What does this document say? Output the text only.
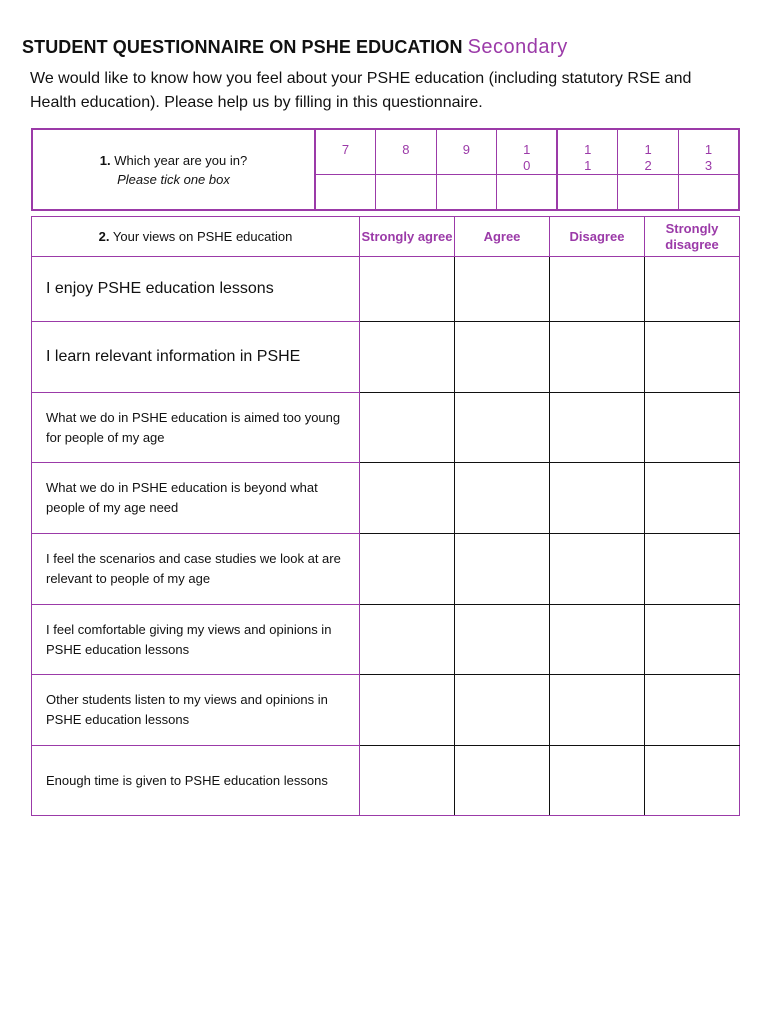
STUDENT QUESTIONNAIRE ON PSHE EDUCATION Secondary
We would like to know how you feel about your PSHE education (including statutory RSE and Health education). Please help us by filling in this questionnaire.
1. Which year are you in?
Please tick one box	7	8	9	10	11	12	13

2. Your views on PSHE education	Strongly agree	Agree	Disagree	Strongly disagree
I enjoy PSHE education lessons				
I learn relevant information in PSHE				
What we do in PSHE education is aimed too young for people of my age				
What we do in PSHE education is beyond what people of my age need				
I feel the scenarios and case studies we look at are relevant to people of my age				
I feel comfortable giving my views and opinions in PSHE education lessons				
Other students listen to my views and opinions in PSHE education lessons				
Enough time is given to PSHE education lessons				
